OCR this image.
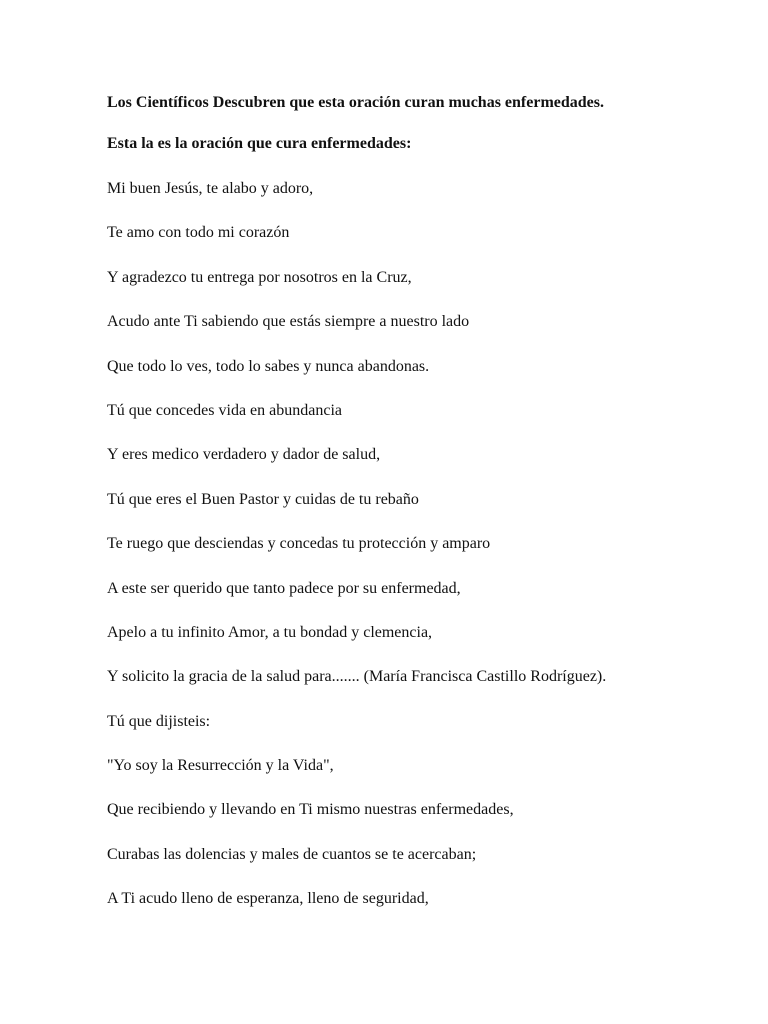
Los Científicos Descubren que esta oración curan muchas enfermedades.

Esta la es la oración que cura enfermedades:

Mi buen Jesús, te alabo y adoro,
Te amo con todo mi corazón
Y agradezco tu entrega por nosotros en la Cruz,
Acudo ante Ti sabiendo que estás siempre a nuestro lado
Que todo lo ves, todo lo sabes y nunca abandonas.
Tú que concedes vida en abundancia
Y eres medico verdadero y dador de salud,
Tú que eres el Buen Pastor y cuidas de tu rebaño
Te ruego que desciendas y concedas tu protección y amparo
A este ser querido que tanto padece por su enfermedad,
Apelo a tu infinito Amor, a tu bondad y clemencia,
Y solicito la gracia de la salud para....... (María Francisca Castillo Rodríguez).
Tú que dijisteis:
"Yo soy la Resurrección y la Vida",
Que recibiendo y llevando en Ti mismo nuestras enfermedades,
Curabas las dolencias y males de cuantos se te acercaban;
A Ti acudo lleno de esperanza, lleno de seguridad,
